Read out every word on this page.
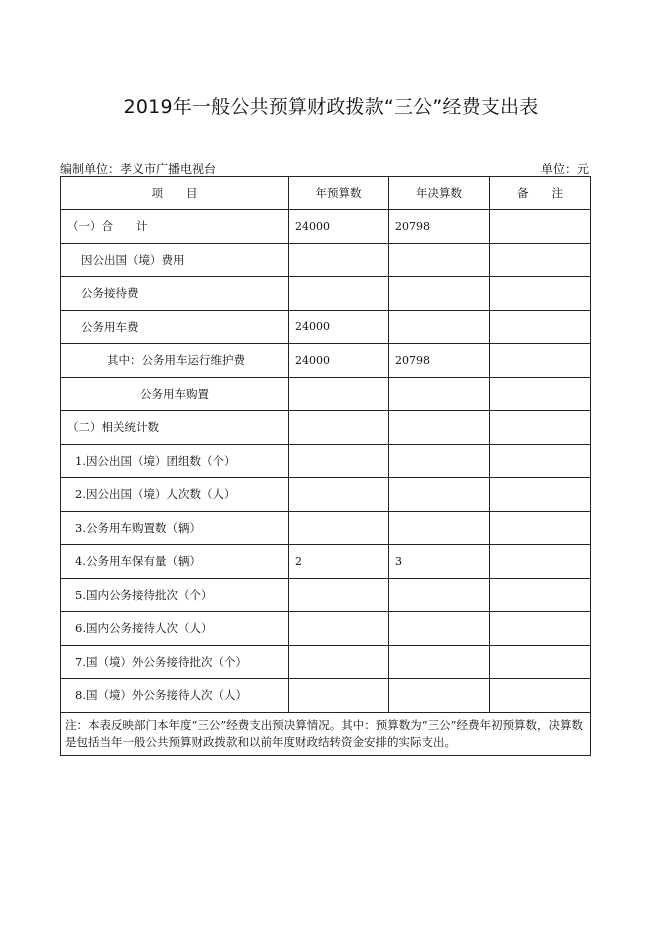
2019年一般公共预算财政拨款“三公”经费支出表
编制单位：孝义市广播电视台	单位：元
项　　目	年预算数	年决算数	备　　注
（一）合　　计	24000	20798	
因公出国（境）费用			
公务接待费			
公务用车费	24000		
其中：公务用车运行维护费	24000	20798	
公务用车购置			
（二）相关统计数			
1.因公出国（境）团组数（个）			
2.因公出国（境）人次数（人）			
3.公务用车购置数（辆）			
4.公务用车保有量（辆）	2	3	
5.国内公务接待批次（个）			
6.国内公务接待人次（人）			
7.国（境）外公务接待批次（个）			
8.国（境）外公务接待人次（人）			
注：本表反映部门本年度“三公”经费支出预决算情况。其中：预算数为“三公”经费年初预算数，决算数是包括当年一般公共预算财政拨款和以前年度财政结转资金安排的实际支出。			
